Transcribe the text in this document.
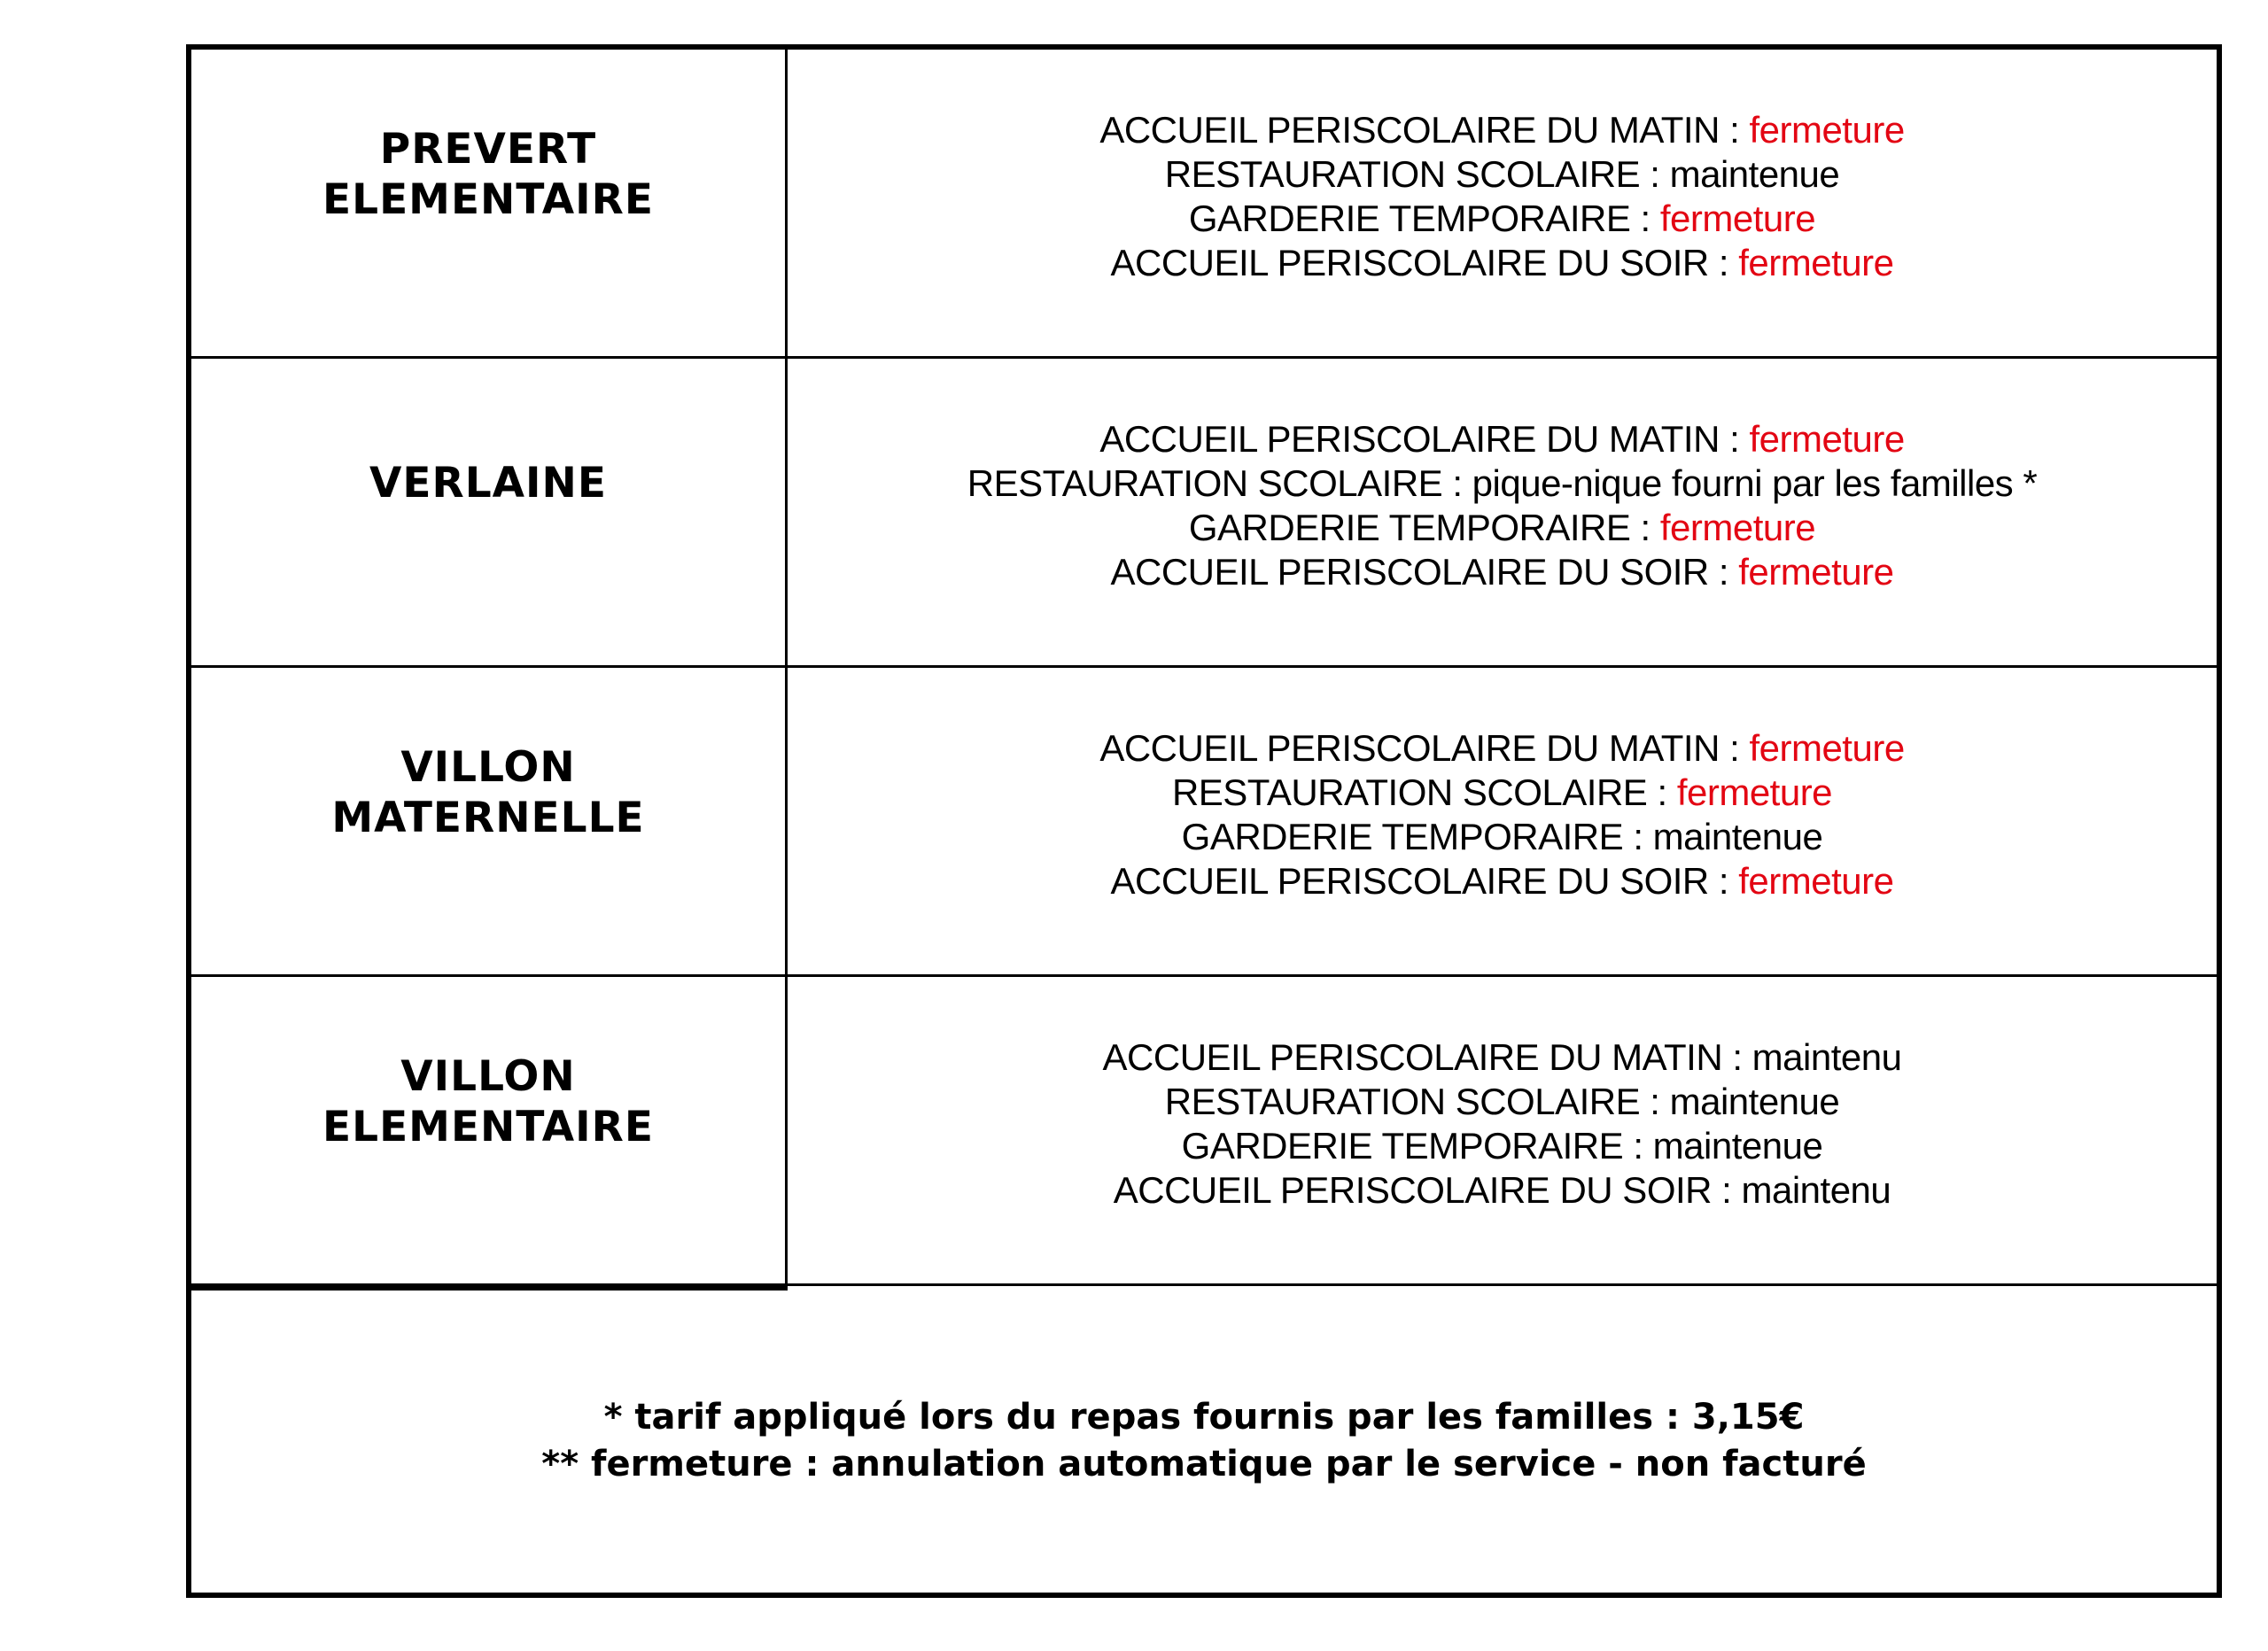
PREVERT
ELEMENTAIRE
ACCUEIL PERISCOLAIRE DU MATIN : fermeture
RESTAURATION SCOLAIRE : maintenue
GARDERIE TEMPORAIRE : fermeture
ACCUEIL PERISCOLAIRE DU SOIR : fermeture
VERLAINE
ACCUEIL PERISCOLAIRE DU MATIN : fermeture
RESTAURATION SCOLAIRE : pique-nique fourni par les familles *
GARDERIE TEMPORAIRE : fermeture
ACCUEIL PERISCOLAIRE DU SOIR : fermeture
VILLON
MATERNELLE
ACCUEIL PERISCOLAIRE DU MATIN : fermeture
RESTAURATION SCOLAIRE : fermeture
GARDERIE TEMPORAIRE : maintenue
ACCUEIL PERISCOLAIRE DU SOIR : fermeture
VILLON
ELEMENTAIRE
ACCUEIL PERISCOLAIRE DU MATIN : maintenu
RESTAURATION SCOLAIRE : maintenue
GARDERIE TEMPORAIRE : maintenue
ACCUEIL PERISCOLAIRE DU SOIR : maintenu
* tarif appliqué lors du repas fournis par les familles : 3,15€
** fermeture : annulation automatique par le service - non facturé
